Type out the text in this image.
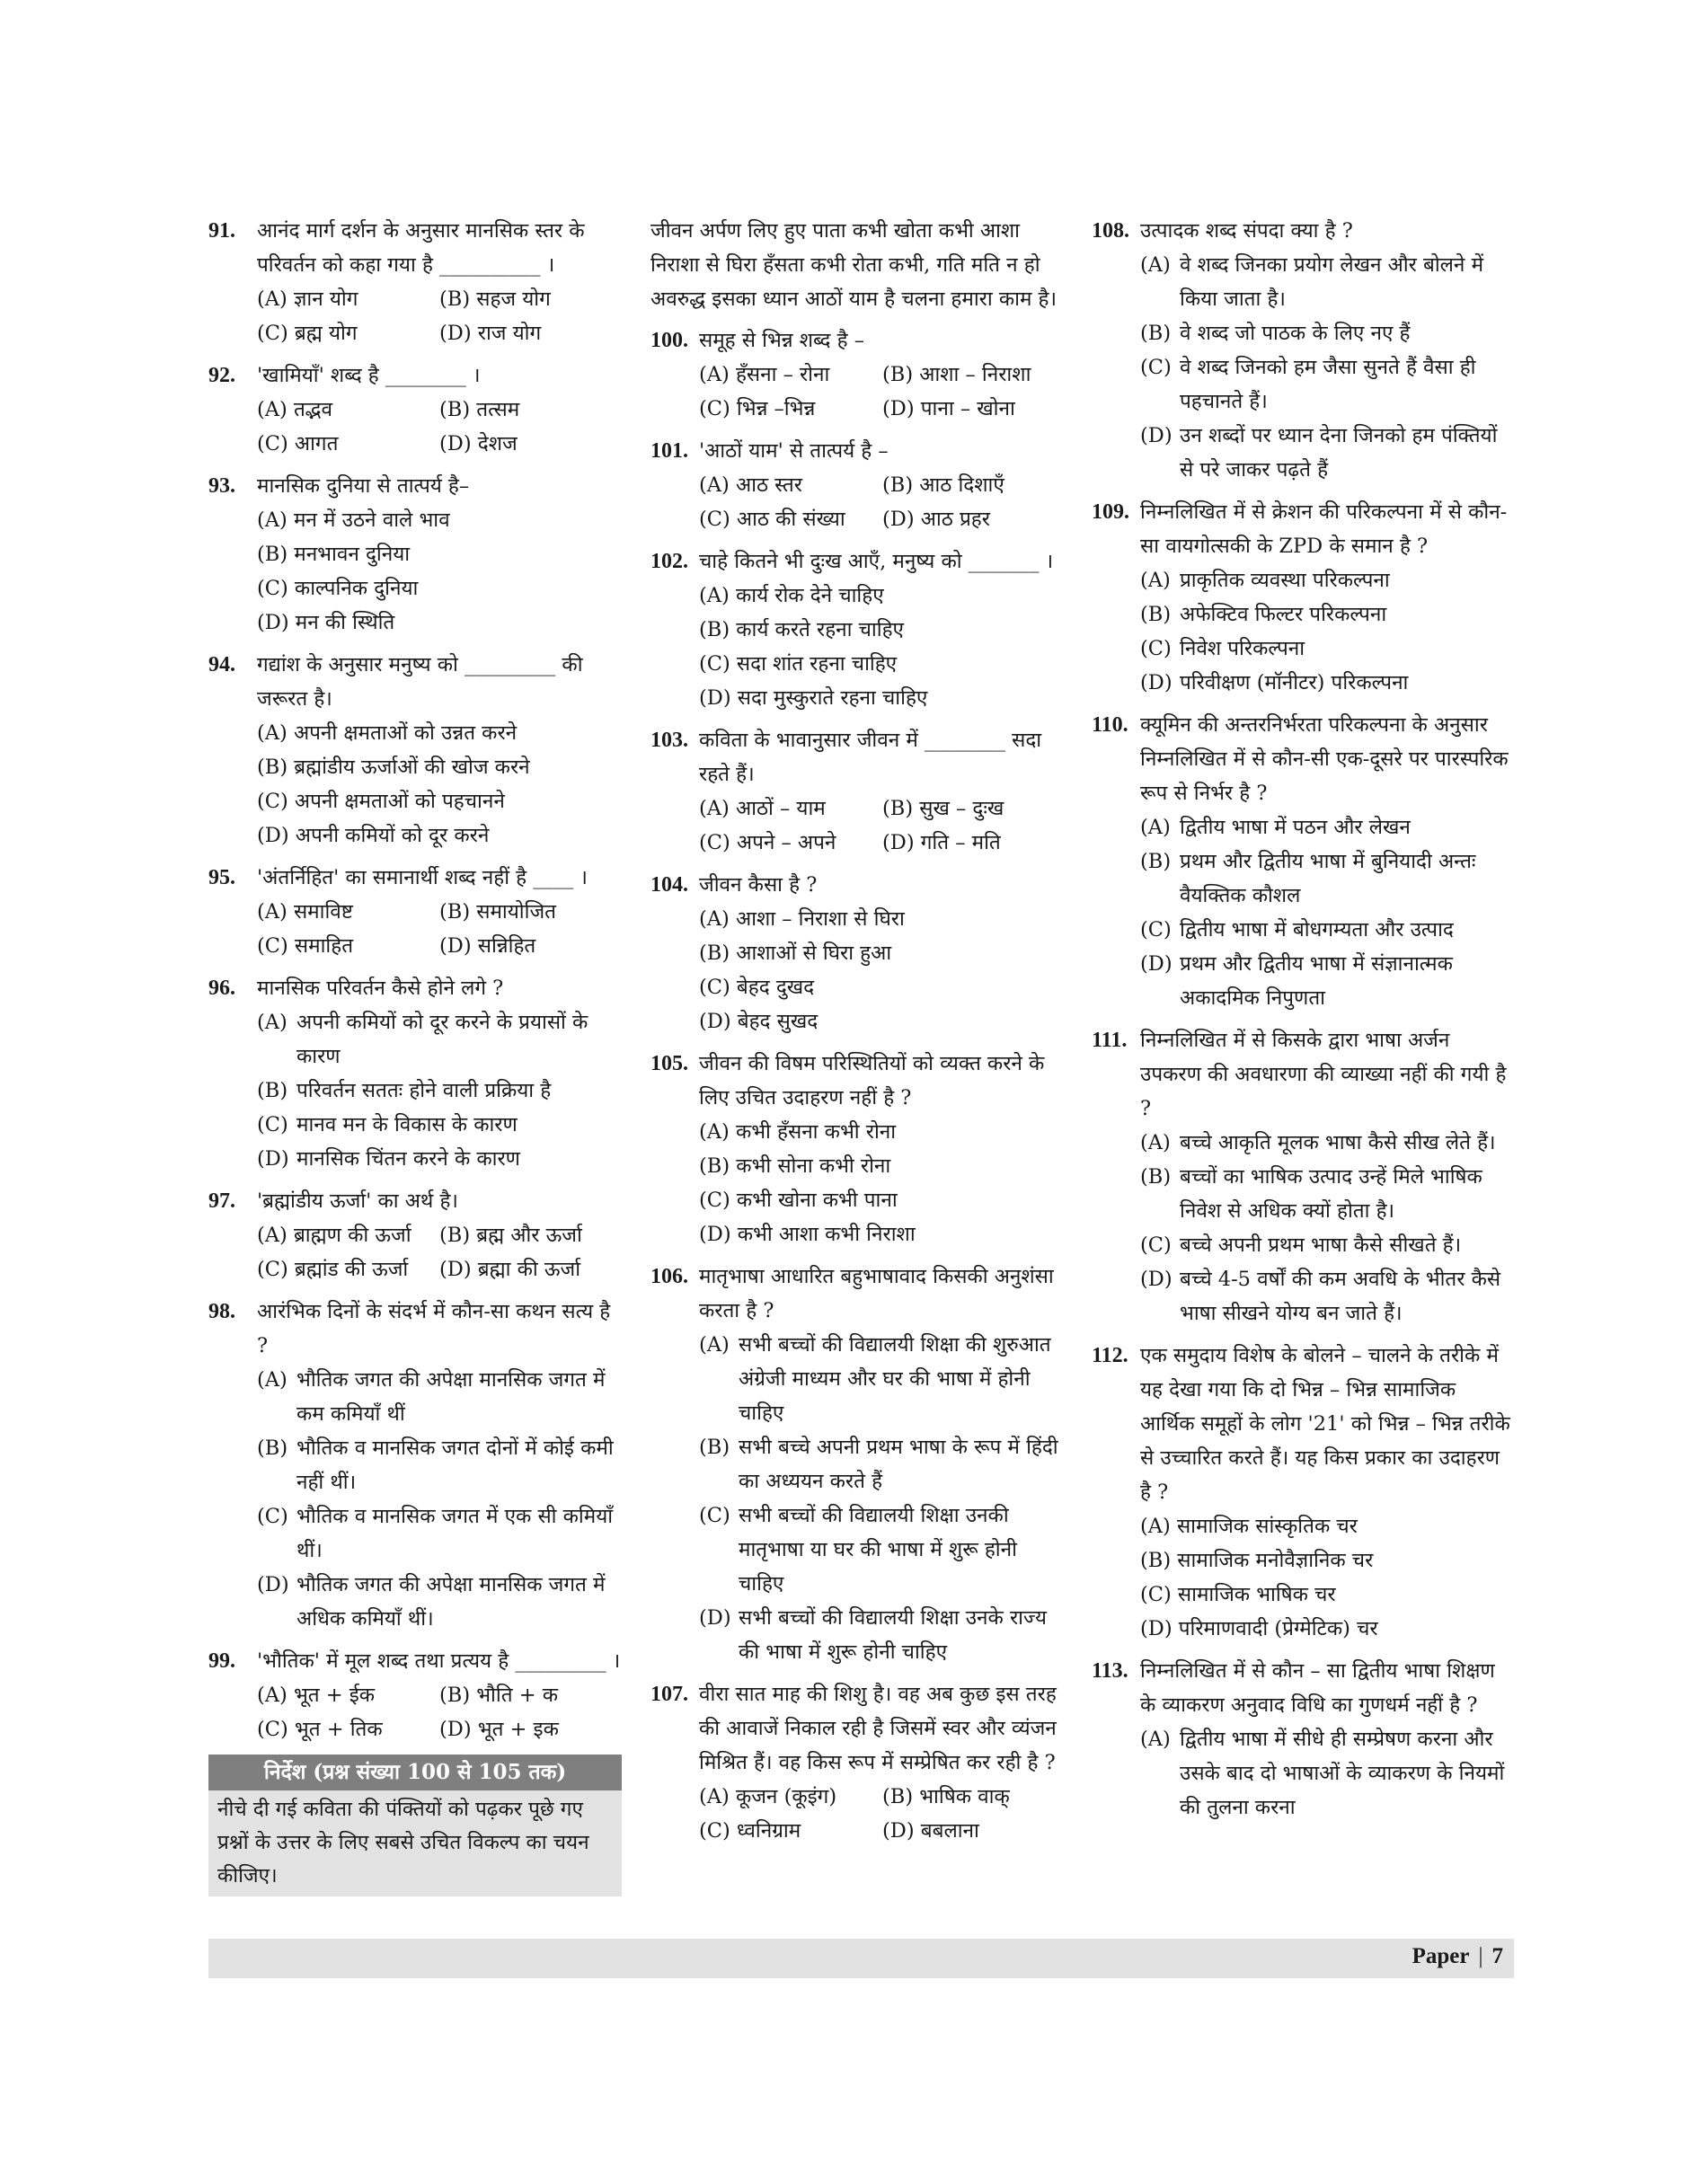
91. आनंद मार्ग दर्शन के अनुसार मानसिक स्तर के परिवर्तन को कहा गया है __________ ।
(A) ज्ञान योग	(B) सहज योग
(C) ब्रह्म योग	(D) राज योग
92. 'खामियाँ' शब्द है ________ ।
(A) तद्भव	(B) तत्सम
(C) आगत	(D) देशज
93. मानसिक दुनिया से तात्पर्य है–
(A) मन में उठने वाले भाव
(B) मनभावन दुनिया
(C) काल्पनिक दुनिया
(D) मन की स्थिति
94. गद्यांश के अनुसार मनुष्य को _________ की जरूरत है।
(A) अपनी क्षमताओं को उन्नत करने
(B) ब्रह्मांडीय ऊर्जाओं की खोज करने
(C) अपनी क्षमताओं को पहचानने
(D) अपनी कमियों को दूर करने
95. 'अंतर्निहित' का समानार्थी शब्द नहीं है ____ ।
(A) समाविष्ट	(B) समायोजित
(C) समाहित	(D) सन्निहित
96. मानसिक परिवर्तन कैसे होने लगे ?
(A) अपनी कमियों को दूर करने के प्रयासों के कारण
(B) परिवर्तन सततः होने वाली प्रक्रिया है
(C) मानव मन के विकास के कारण
(D) मानसिक चिंतन करने के कारण
97. 'ब्रह्मांडीय ऊर्जा' का अर्थ है।
(A) ब्राह्मण की ऊर्जा	(B) ब्रह्म और ऊर्जा
(C) ब्रह्मांड की ऊर्जा	(D) ब्रह्मा की ऊर्जा
98. आरंभिक दिनों के संदर्भ में कौन-सा कथन सत्य है ?
(A) भौतिक जगत की अपेक्षा मानसिक जगत में कम कमियाँ थीं
(B) भौतिक व मानसिक जगत दोनों में कोई कमी नहीं थीं।
(C) भौतिक व मानसिक जगत में एक सी कमियाँ थीं।
(D) भौतिक जगत की अपेक्षा मानसिक जगत में अधिक कमियाँ थीं।
99. 'भौतिक' में मूल शब्द तथा प्रत्यय है _________ ।
(A) भूत + ईक	(B) भौति + क
(C) भूत + तिक	(D) भूत + इक
निर्देश (प्रश्न संख्या 100 से 105 तक)
नीचे दी गई कविता की पंक्तियों को पढ़कर पूछे गए प्रश्नों के उत्तर के लिए सबसे उचित विकल्प का चयन कीजिए।
जीवन अर्पण लिए हुए पाता कभी खोता कभी आशा निराशा से घिरा हँसता कभी रोता कभी, गति मति न हो अवरुद्ध इसका ध्यान आठों याम है चलना हमारा काम है।
100. समूह से भिन्न शब्द है –
(A) हँसना – रोना	(B) आशा – निराशा
(C) भिन्न –भिन्न	(D) पाना – खोना
101. 'आठों याम' से तात्पर्य है –
(A) आठ स्तर	(B) आठ दिशाएँ
(C) आठ की संख्या	(D) आठ प्रहर
102. चाहे कितने भी दुःख आएँ, मनुष्य को _______ ।
(A) कार्य रोक देने चाहिए
(B) कार्य करते रहना चाहिए
(C) सदा शांत रहना चाहिए
(D) सदा मुस्कुराते रहना चाहिए
103. कविता के भावानुसार जीवन में ________ सदा रहते हैं।
(A) आठों – याम	(B) सुख – दुःख
(C) अपने – अपने	(D) गति – मति
104. जीवन कैसा है ?
(A) आशा – निराशा से घिरा
(B) आशाओं से घिरा हुआ
(C) बेहद दुखद
(D) बेहद सुखद
105. जीवन की विषम परिस्थितियों को व्यक्त करने के लिए उचित उदाहरण नहीं है ?
(A) कभी हँसना कभी रोना
(B) कभी सोना कभी रोना
(C) कभी खोना कभी पाना
(D) कभी आशा कभी निराशा
106. मातृभाषा आधारित बहुभाषावाद किसकी अनुशंसा करता है ?
(A) सभी बच्चों की विद्यालयी शिक्षा की शुरुआत अंग्रेजी माध्यम और घर की भाषा में होनी चाहिए
(B) सभी बच्चे अपनी प्रथम भाषा के रूप में हिंदी का अध्ययन करते हैं
(C) सभी बच्चों की विद्यालयी शिक्षा उनकी मातृभाषा या घर की भाषा में शुरू होनी चाहिए
(D) सभी बच्चों की विद्यालयी शिक्षा उनके राज्य की भाषा में शुरू होनी चाहिए
107. वीरा सात माह की शिशु है। वह अब कुछ इस तरह की आवाजें निकाल रही है जिसमें स्वर और व्यंजन मिश्रित हैं। वह किस रूप में सम्प्रेषित कर रही है ?
(A) कूजन (कूइंग)	(B) भाषिक वाक्
(C) ध्वनिग्राम	(D) बबलाना
108. उत्पादक शब्द संपदा क्या है ?
(A) वे शब्द जिनका प्रयोग लेखन और बोलने में किया जाता है।
(B) वे शब्द जो पाठक के लिए नए हैं
(C) वे शब्द जिनको हम जैसा सुनते हैं वैसा ही पहचानते हैं।
(D) उन शब्दों पर ध्यान देना जिनको हम पंक्तियों से परे जाकर पढ़ते हैं
109. निम्नलिखित में से क्रेशन की परिकल्पना में से कौन-सा वायगोत्सकी के ZPD के समान है ?
(A) प्राकृतिक व्यवस्था परिकल्पना
(B) अफेक्टिव फिल्टर परिकल्पना
(C) निवेश परिकल्पना
(D) परिवीक्षण (मॉनीटर) परिकल्पना
110. क्यूमिन की अन्तरनिर्भरता परिकल्पना के अनुसार निम्नलिखित में से कौन-सी एक-दूसरे पर पारस्परिक रूप से निर्भर है ?
(A) द्वितीय भाषा में पठन और लेखन
(B) प्रथम और द्वितीय भाषा में बुनियादी अन्तः वैयक्तिक कौशल
(C) द्वितीय भाषा में बोधगम्यता और उत्पाद
(D) प्रथम और द्वितीय भाषा में संज्ञानात्मक अकादमिक निपुणता
111. निम्नलिखित में से किसके द्वारा भाषा अर्जन उपकरण की अवधारणा की व्याख्या नहीं की गयी है ?
(A) बच्चे आकृति मूलक भाषा कैसे सीख लेते हैं।
(B) बच्चों का भाषिक उत्पाद उन्हें मिले भाषिक निवेश से अधिक क्यों होता है।
(C) बच्चे अपनी प्रथम भाषा कैसे सीखते हैं।
(D) बच्चे 4-5 वर्षों की कम अवधि के भीतर कैसे भाषा सीखने योग्य बन जाते हैं।
112. एक समुदाय विशेष के बोलने – चालने के तरीके में यह देखा गया कि दो भिन्न – भिन्न सामाजिक आर्थिक समूहों के लोग '21' को भिन्न – भिन्न तरीके से उच्चारित करते हैं। यह किस प्रकार का उदाहरण है ?
(A) सामाजिक सांस्कृतिक चर
(B) सामाजिक मनोवैज्ञानिक चर
(C) सामाजिक भाषिक चर
(D) परिमाणवादी (प्रेग्मेटिक) चर
113. निम्नलिखित में से कौन – सा द्वितीय भाषा शिक्षण के व्याकरण अनुवाद विधि का गुणधर्म नहीं है ?
(A) द्वितीय भाषा में सीधे ही सम्प्रेषण करना और उसके बाद दो भाषाओं के व्याकरण के नियमों की तुलना करना
Paper | 7
